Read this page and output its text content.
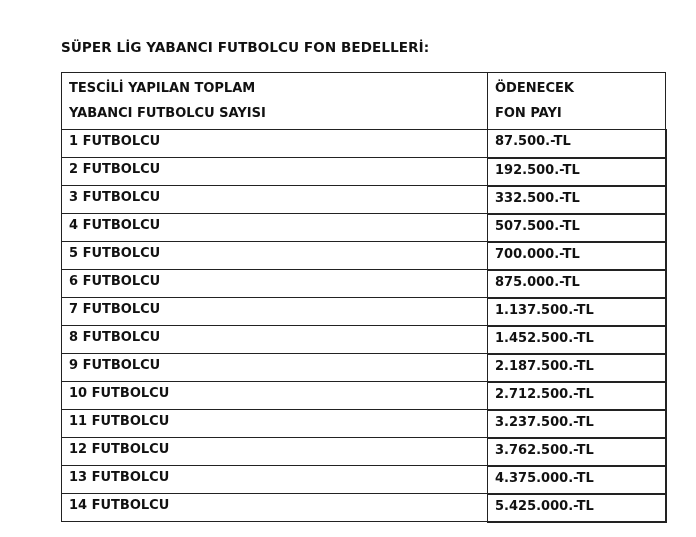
SÜPER LİG YABANCI FUTBOLCU FON BEDELLERİ:
TESCİLİ YAPILAN TOPLAM
YABANCI FUTBOLCU SAYISI	ÖDENECEK
FON PAYI

1 FUTBOLCU	87.500.-TL
2 FUTBOLCU	192.500.-TL
3 FUTBOLCU	332.500.-TL
4 FUTBOLCU	507.500.-TL
5 FUTBOLCU	700.000.-TL
6 FUTBOLCU	875.000.-TL
7 FUTBOLCU	1.137.500.-TL
8 FUTBOLCU	1.452.500.-TL
9 FUTBOLCU	2.187.500.-TL
10 FUTBOLCU	2.712.500.-TL
11 FUTBOLCU	3.237.500.-TL
12 FUTBOLCU	3.762.500.-TL
13 FUTBOLCU	4.375.000.-TL
14 FUTBOLCU	5.425.000.-TL
